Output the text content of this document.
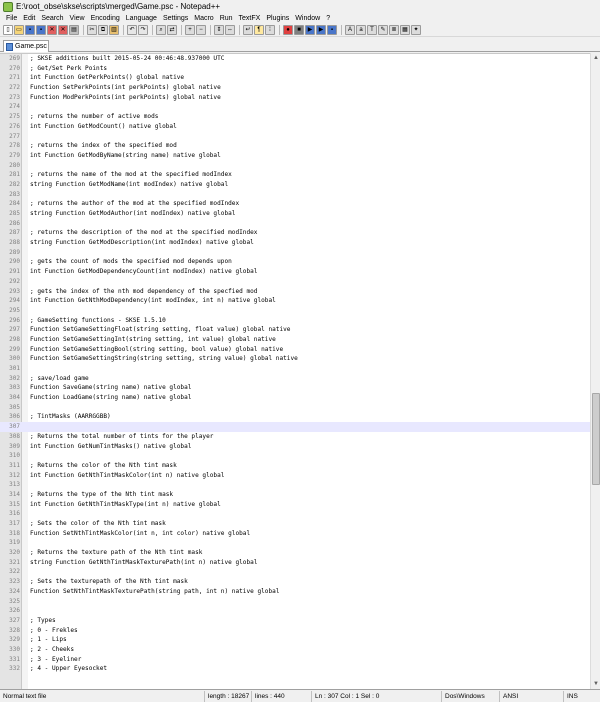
E:\root_obse\skse\scripts\merged\Game.psc - Notepad++
File Edit Search View Encoding Language Settings Macro Run TextFX Plugins Window ?
▯	▭	▪	▪	✕ ✕ ▤	✂	⧉	▥	↶ ↷	⌕	⇄	+	−	⇕ ⇔	↵	¶	⁞	●	■	▶	▶	▪	A	a	T	✎ ≣ ▦ ✦
Game.psc
269 ; SKSE additions built 2015-05-24 00:46:48.937000 UTC
270 ; Get/Set Perk Points
271 int Function GetPerkPoints() global native
272 Function SetPerkPoints(int perkPoints) global native
273 Function ModPerkPoints(int perkPoints) global native
274
275 ; returns the number of active mods
276 int Function GetModCount() native global
277
278 ; returns the index of the specified mod
279 int Function GetModByName(string name) native global
280
281 ; returns the name of the mod at the specified modIndex
282 string Function GetModName(int modIndex) native global
283
284 ; returns the author of the mod at the specified modIndex
285 string Function GetModAuthor(int modIndex) native global
286
287 ; returns the description of the mod at the specified modIndex
288 string Function GetModDescription(int modIndex) native global
289
290 ; gets the count of mods the specified mod depends upon
291 int Function GetModDependencyCount(int modIndex) native global
292
293 ; gets the index of the nth mod dependency of the specfied mod
294 int Function GetNthModDependency(int modIndex, int n) native global
295
296 ; GameSetting functions - SKSE 1.5.10
297 Function SetGameSettingFloat(string setting, float value) global native
298 Function SetGameSettingInt(string setting, int value) global native
299 Function SetGameSettingBool(string setting, bool value) global native
300 Function SetGameSettingString(string setting, string value) global native
301
302 ; save/load game
303 Function SaveGame(string name) native global
304 Function LoadGame(string name) native global
305
306 ; TintMasks (AARRGGBB)
307
308 ; Returns the total number of tints for the player
309 int Function GetNumTintMasks() native global
310
311 ; Returns the color of the Nth tint mask
312 int Function GetNthTintMaskColor(int n) native global
313
314 ; Returns the type of the Nth tint mask
315 int Function GetNthTintMaskType(int n) native global
316
317 ; Sets the color of the Nth tint mask
318 Function SetNthTintMaskColor(int n, int color) native global
319
320 ; Returns the texture path of the Nth tint mask
321 string Function GetNthTintMaskTexturePath(int n) native global
322
323 ; Sets the texturepath of the Nth tint mask
324 Function SetNthTintMaskTexturePath(string path, int n) native global
325
326
327 ; Types
328 ; 0 - Frekles
329 ; 1 - Lips
330 ; 2 - Cheeks
331 ; 3 - Eyeliner
332 ; 4 - Upper Eyesocket
▲
▼
Normal text file	length : 18267 lines : 440	Ln : 307 Col : 1 Sel : 0	Dos\Windows	ANSI	INS
